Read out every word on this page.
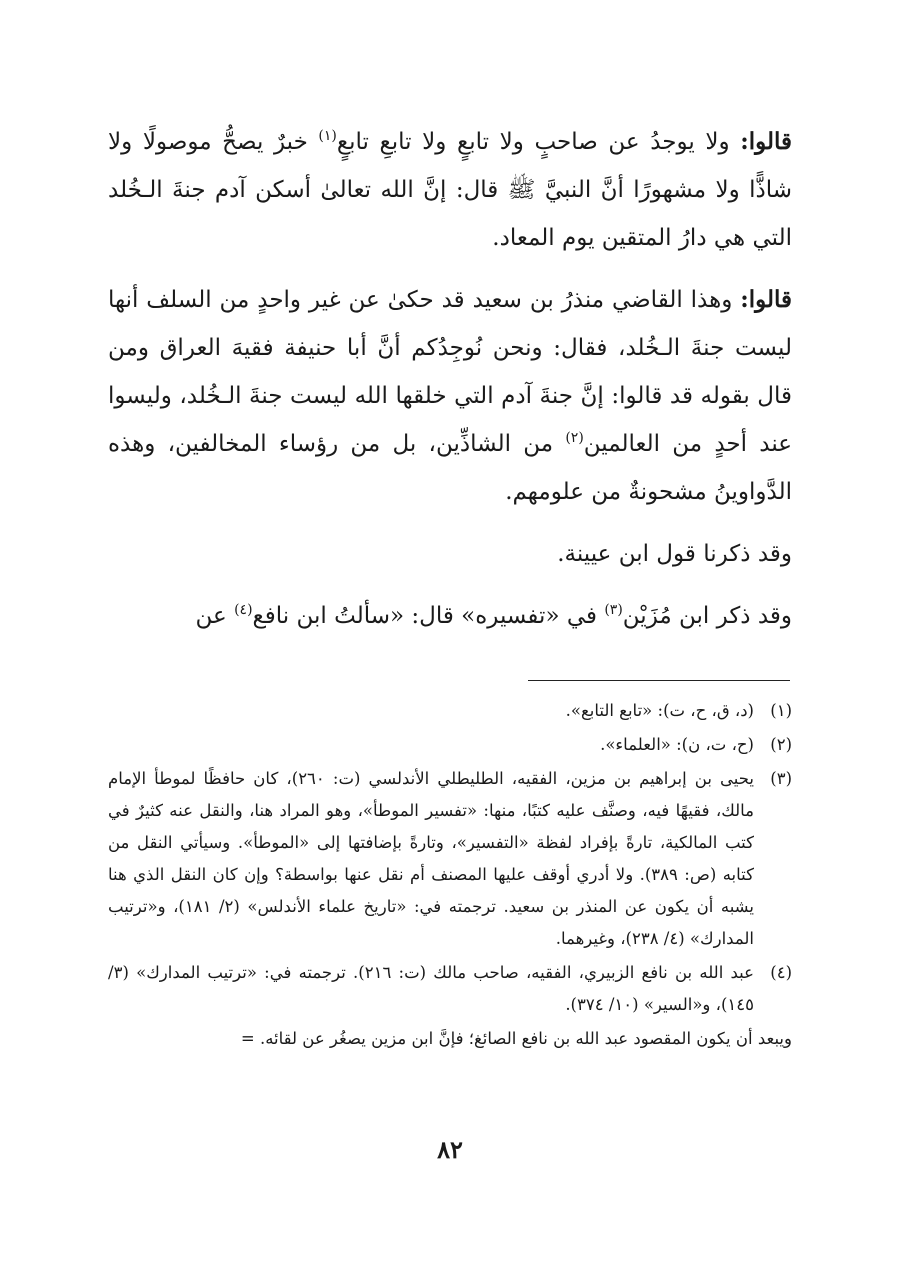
قالوا: ولا يوجدُ عن صاحبٍ ولا تابعٍ ولا تابعِ تابعٍ$^{(١)}$ خبرٌ يصحُّ موصولًا ولا شاذًّا ولا مشهورًا أنَّ النبيَّ ﷺ قال: إنَّ الله تعالىٰ أسكن آدم جنةَ الـخُلد التي هي دارُ المتقين يوم المعاد.

قالوا: وهذا القاضي منذرُ بن سعيد قد حكىٰ عن غير واحدٍ من السلف أنها ليست جنةَ الـخُلد، فقال: ونحن نُوجِدُكم أنَّ أبا حنيفة فقيهَ العراق ومن قال بقوله قد قالوا: إنَّ جنةَ آدم التي خلقها الله ليست جنةَ الـخُلد، وليسوا عند أحدٍ من العالمين$^{(٢)}$ من الشاذِّين، بل من رؤساء المخالفين، وهذه الدَّواوينُ مشحونةٌ من علومهم.

وقد ذكرنا قول ابن عيينة.

وقد ذكر ابن مُزَيْن$^{(٣)}$ في «تفسيره» قال: «سألتُ ابن نافع$^{(٤)}$ عن

(١)
(د، ق، ح، ت): «تابع التابع».
(٢)
(ح، ت، ن): «العلماء».
(٣)
يحيى بن إبراهيم بن مزين، الفقيه، الطليطلي الأندلسي (ت: ٢٦٠)، كان حافظًا لموطأ الإمام مالك، فقيهًا فيه، وصنَّف عليه كتبًا، منها: «تفسير الموطأ»، وهو المراد هنا، والنقل عنه كثيرٌ في كتب المالكية، تارةً بإفراد لفظة «التفسير»، وتارةً بإضافتها إلى «الموطأ». وسيأتي النقل من كتابه (ص: ٣٨٩). ولا أدري أوقف عليها المصنف أم نقل عنها بواسطة؟ وإن كان النقل الذي هنا يشبه أن يكون عن المنذر بن سعيد. ترجمته في: «تاريخ علماء الأندلس» (٢/ ١٨١)، و«ترتيب المدارك» (٤/ ٢٣٨)، وغيرهما.
(٤)
عبد الله بن نافع الزبيري، الفقيه، صاحب مالك (ت: ٢١٦). ترجمته في: «ترتيب المدارك» (٣/ ١٤٥)، و«السير» (١٠/ ٣٧٤).
ويبعد أن يكون المقصود عبد الله بن نافع الصائغ؛ فإنَّ ابن مزين يصغُر عن لقائه. =
٨٢
